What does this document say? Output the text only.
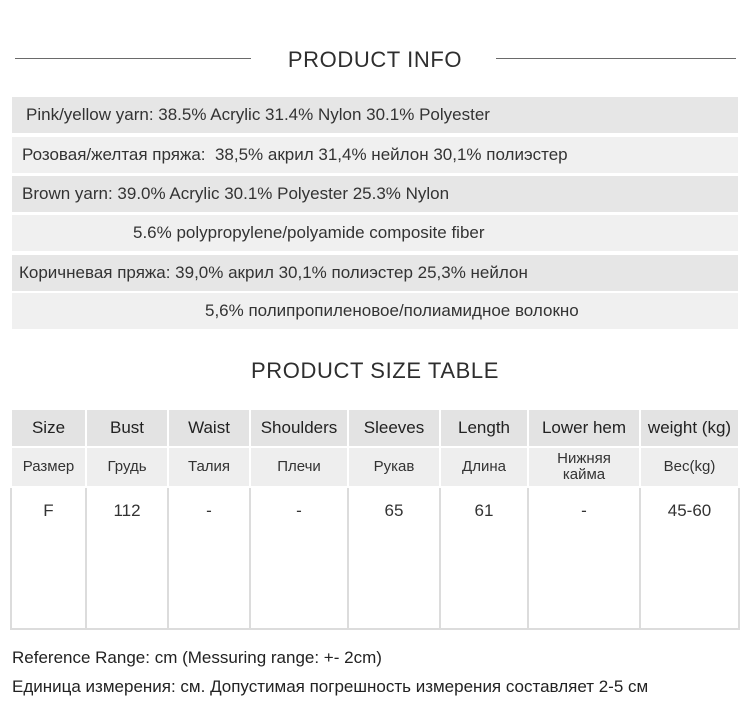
PRODUCT INFO
Pink/yellow yarn: 38.5% Acrylic 31.4% Nylon 30.1% Polyester
Розовая/желтая пряжа:  38,5% акрил 31,4% нейлон 30,1% полиэстер
Brown yarn: 39.0% Acrylic 30.1% Polyester 25.3% Nylon
5.6% polypropylene/polyamide composite fiber
Коричневая пряжа: 39,0% акрил 30,1% полиэстер 25,3% нейлон
5,6% полипропиленовое/полиамидное волокно
PRODUCT SIZE TABLE
Size	Bust	Waist	Shoulders	Sleeves	Length	Lower hem	weight (kg)
Размер	Грудь	Талия	Плечи	Рукав	Длина	Нижняя кайма	Вес(kg)
F	112	-	-	65	61	-	45-60
Reference Range: cm (Messuring range: +- 2cm)
Единица измерения: см. Допустимая погрешность измерения составляет 2-5 см
